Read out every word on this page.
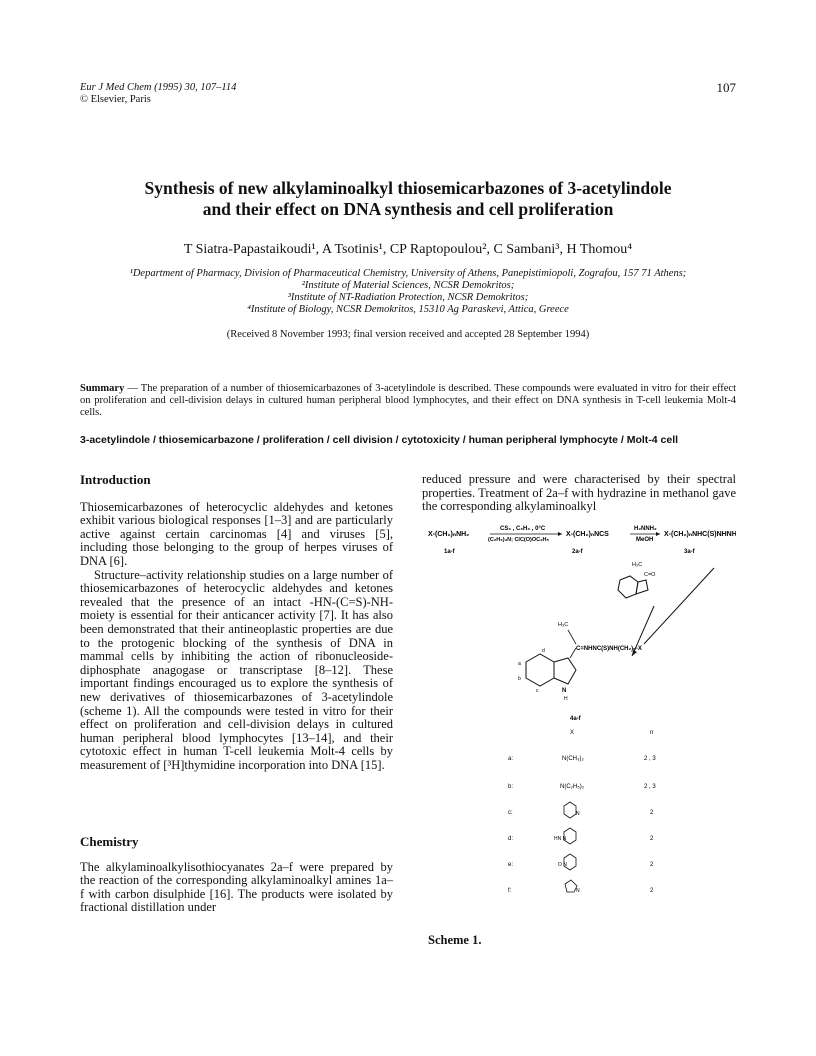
Eur J Med Chem (1995) 30, 107–114
© Elsevier, Paris
107
Synthesis of new alkylaminoalkyl thiosemicarbazones of 3-acetylindole
and their effect on DNA synthesis and cell proliferation
T Siatra-Papastaikoudi¹, A Tsotinis¹, CP Raptopoulou², C Sambani³, H Thomou⁴
¹Department of Pharmacy, Division of Pharmaceutical Chemistry, University of Athens, Panepistimiopoli, Zografou, 157 71 Athens;
²Institute of Material Sciences, NCSR Demokritos;
³Institute of NT-Radiation Protection, NCSR Demokritos;
⁴Institute of Biology, NCSR Demokritos, 15310 Ag Paraskevi, Attica, Greece
(Received 8 November 1993; final version received and accepted 28 September 1994)
Summary — The preparation of a number of thiosemicarbazones of 3-acetylindole is described. These compounds were evaluated in vitro for their effect on proliferation and cell-division delays in cultured human peripheral blood lymphocytes, and their effect on DNA synthesis in T-cell leukemia Molt-4 cells.
3-acetylindole / thiosemicarbazone / proliferation / cell division / cytotoxicity / human peripheral lymphocyte / Molt-4 cell
Introduction

Thiosemicarbazones of heterocyclic aldehydes and ketones exhibit various biological responses [1–3] and are particularly active against certain carcinomas [4] and viruses [5], including those belonging to the group of herpes viruses of DNA [6].

Structure–activity relationship studies on a large number of thiosemicarbazones of heterocyclic aldehydes and ketones revealed that the presence of an intact -HN-(C=S)-NH- moiety is essential for their anticancer activity [7]. It has also been demonstrated that their antineoplastic properties are due to the protogenic blocking of the synthesis of DNA in mammal cells by inhibiting the action of ribonucleoside-diphosphate anagogase or transcriptase [8–12]. These important findings encouraged us to explore the synthesis of new derivatives of thiosemicarbazones of 3-acetylindole (scheme 1). All the compounds were tested in vitro for their effect on proliferation and cell-division delays in cultured human peripheral blood lymphocytes [13–14], and their cytotoxic effect in human T-cell leukemia Molt-4 cells by measurement of [³H]thymidine incorporation into DNA [15].

Chemistry

The alkylaminoalkylisothiocyanates 2a–f were prepared by the reaction of the corresponding alkylaminoalkyl amines 1a–f with carbon disulphide [16]. The products were isolated by fractional distillation under

reduced pressure and were characterised by their spectral properties. Treatment of 2a–f with hydrazine in methanol gave the corresponding alkylaminoalkyl
X-(CH₂)ₙNH₂
CS₂ , C₆H₆ , 0°C
(C₂H₅)₃N; ClC(O)OC₂H₅
X-(CH₂)ₙNCS
H₂NNH₂
MeOH
X-(CH₂)ₙNHC(S)NHNH₂
1a-f	2a-f	3a-f
H₃C
C=O
H₃C
C=NHNC(S)NH(CH₂)ₙ-X
a
b
c
d
N
H
4a-f
X	n
a:	N(CH₃)₂	2 , 3
b:	N(C₂H₅)₂	2 , 3
c:	N	2
d:	HN N	2
e:	O N	2
f:	N	2
Scheme 1.
